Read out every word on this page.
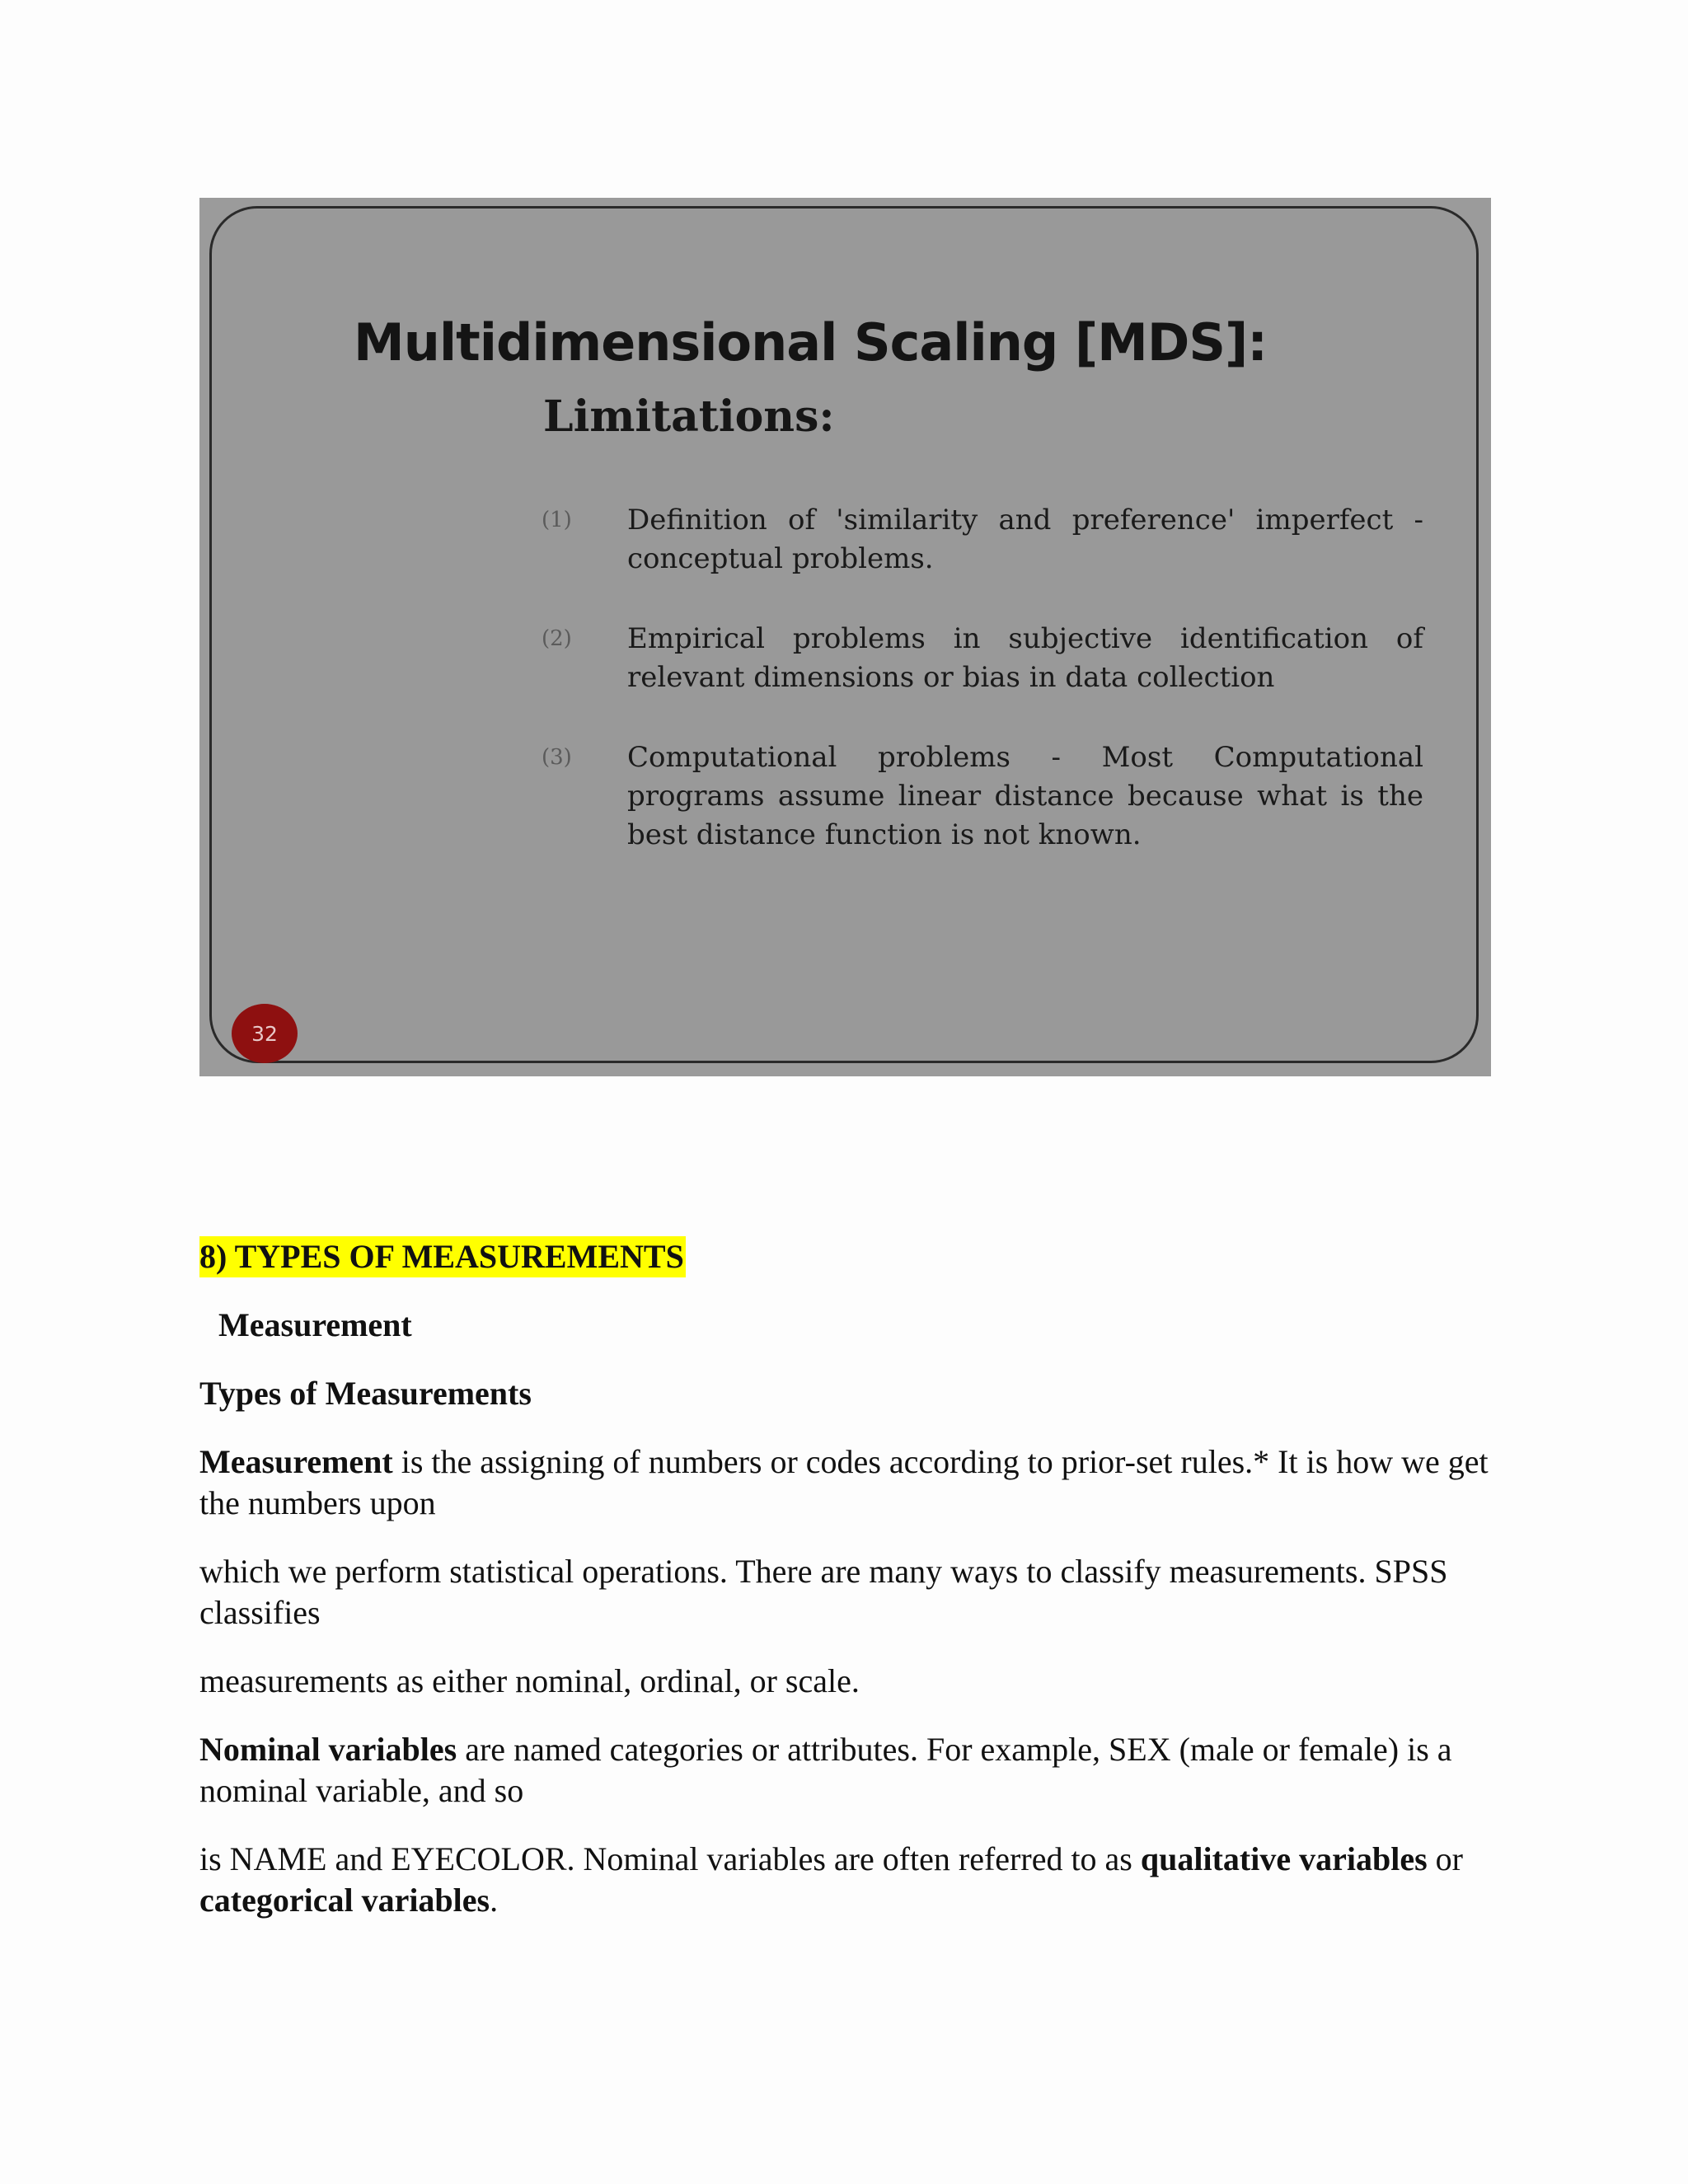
Multidimensional Scaling [MDS]:
Limitations:
(1)	Definition of 'similarity and preference' imperfect - conceptual problems.
(2)	Empirical problems in subjective identification of relevant dimensions or bias in data collection
(3)	Computational problems - Most Computational programs assume linear distance because what is the best distance function is not known.
32

8) TYPES OF MEASUREMENTS

Measurement

Types of Measurements

Measurement is the assigning of numbers or codes according to prior-set rules.* It is how we get the numbers upon

which we perform statistical operations. There are many ways to classify measurements. SPSS classifies

measurements as either nominal, ordinal, or scale.

Nominal variables are named categories or attributes. For example, SEX (male or female) is a nominal variable, and so

is NAME and EYECOLOR. Nominal variables are often referred to as qualitative variables or categorical variables.
